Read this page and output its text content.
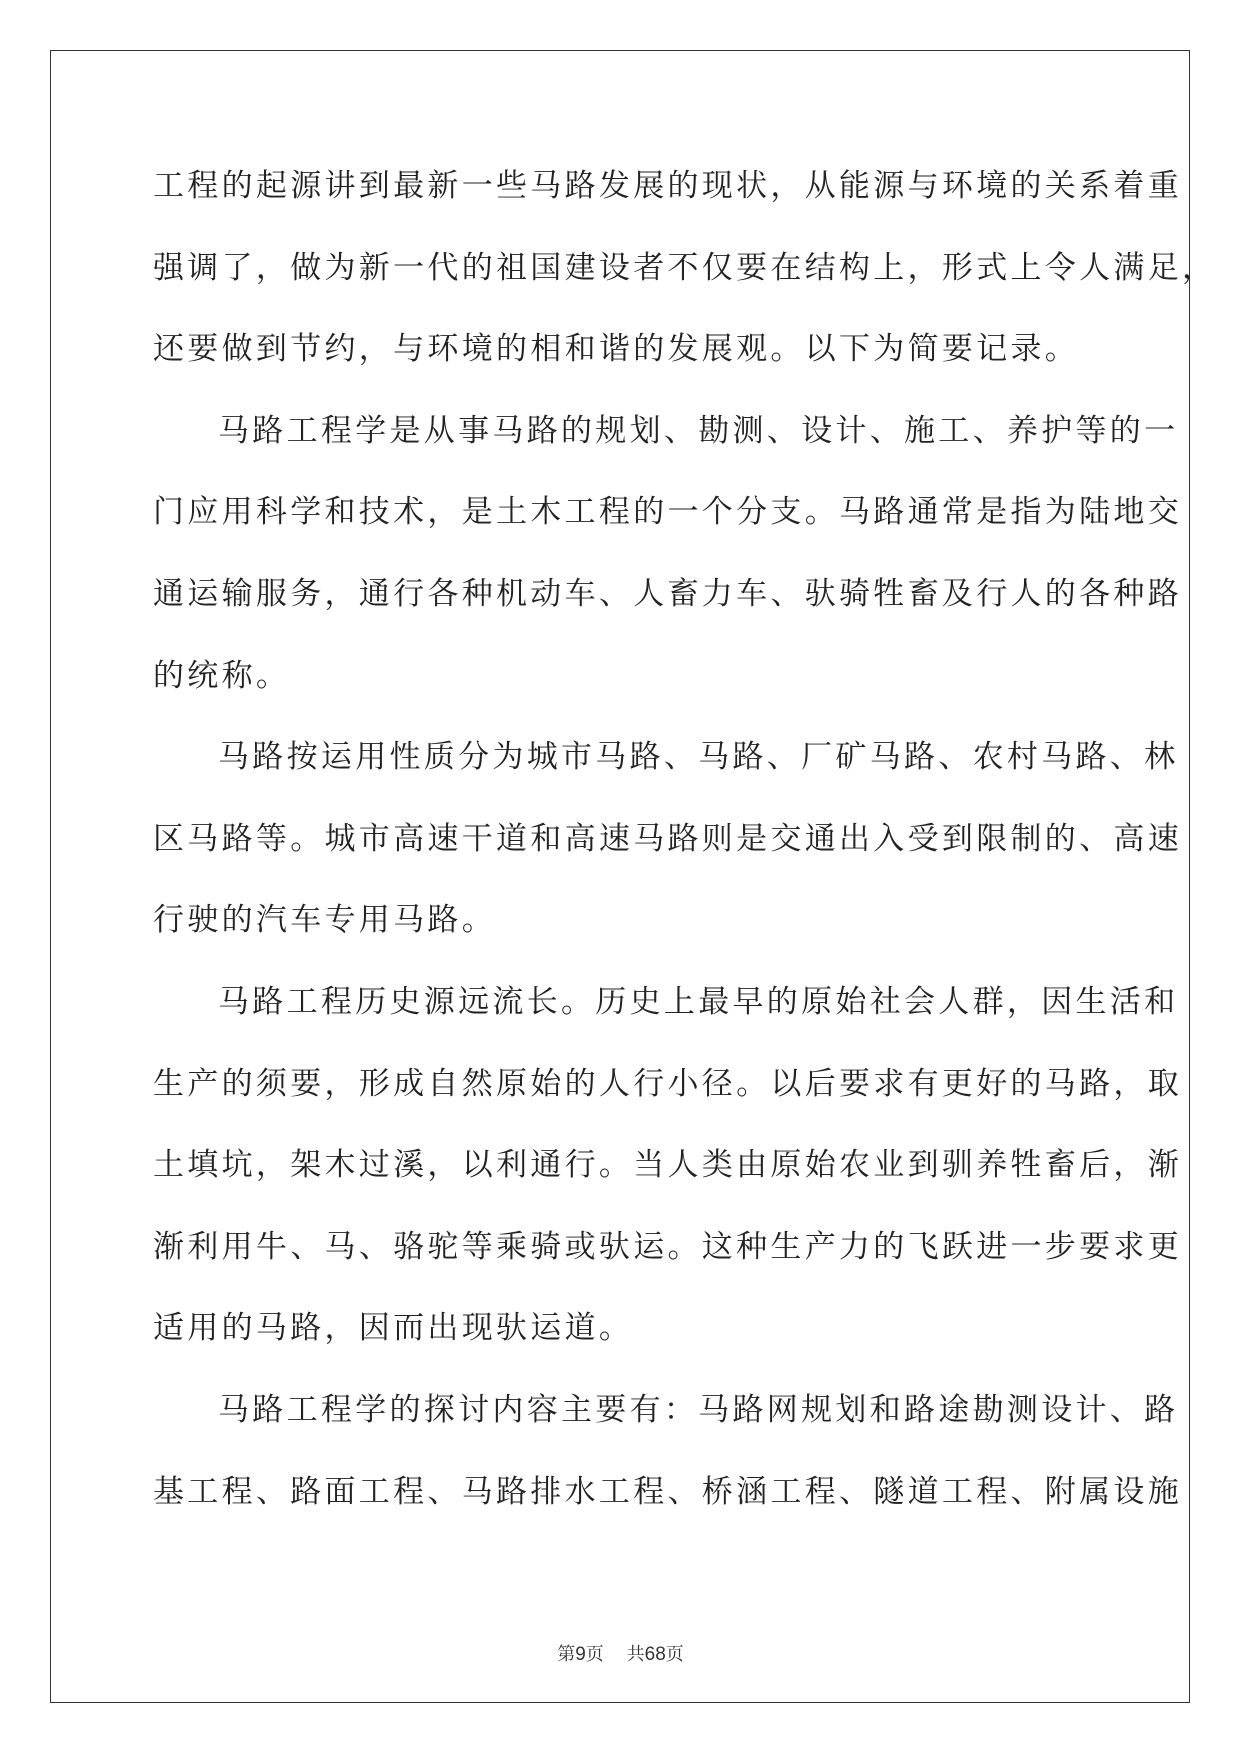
工程的起源讲到最新一些马路发展的现状，从能源与环境的关系着重
强调了，做为新一代的祖国建设者不仅要在结构上，形式上令人满足，
还要做到节约，与环境的相和谐的发展观。以下为简要记录。
马路工程学是从事马路的规划、勘测、设计、施工、养护等的一
门应用科学和技术，是土木工程的一个分支。马路通常是指为陆地交
通运输服务，通行各种机动车、人畜力车、驮骑牲畜及行人的各种路
的统称。
马路按运用性质分为城市马路、马路、厂矿马路、农村马路、林
区马路等。城市高速干道和高速马路则是交通出入受到限制的、高速
行驶的汽车专用马路。
马路工程历史源远流长。历史上最早的原始社会人群，因生活和
生产的须要，形成自然原始的人行小径。以后要求有更好的马路，取
土填坑，架木过溪，以利通行。当人类由原始农业到驯养牲畜后，渐
渐利用牛、马、骆驼等乘骑或驮运。这种生产力的飞跃进一步要求更
适用的马路，因而出现驮运道。
马路工程学的探讨内容主要有：马路网规划和路途勘测设计、路
基工程、路面工程、马路排水工程、桥涵工程、隧道工程、附属设施
第9页 共68页
